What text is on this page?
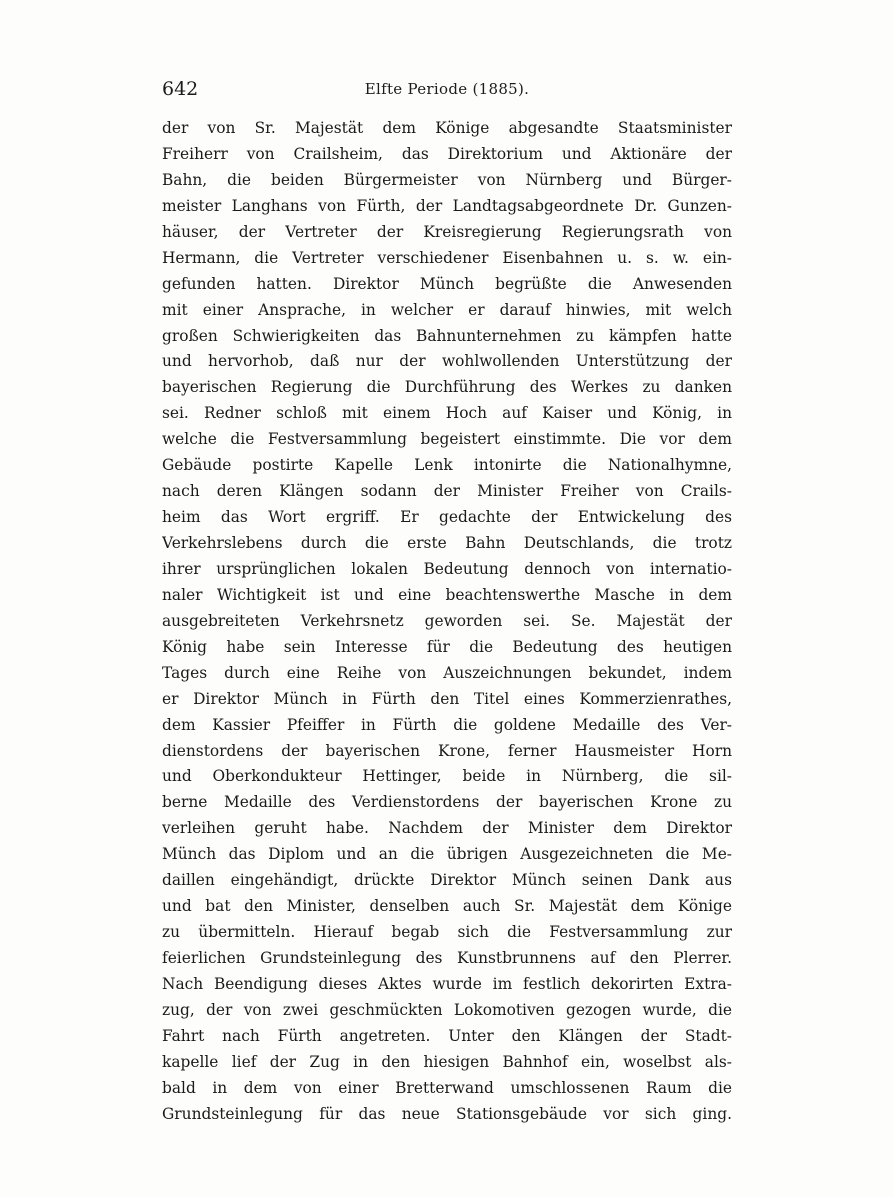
642	Elfte Periode (1885).
der von Sr. Majestät dem Könige abgesandte Staatsminister
Freiherr von Crailsheim, das Direktorium und Aktionäre der
Bahn, die beiden Bürgermeister von Nürnberg und Bürger-
meister Langhans von Fürth, der Landtagsabgeordnete Dr. Gunzen-
häuser, der Vertreter der Kreisregierung Regierungsrath von
Hermann, die Vertreter verschiedener Eisenbahnen u. s. w. ein-
gefunden hatten. Direktor Münch begrüßte die Anwesenden
mit einer Ansprache, in welcher er darauf hinwies, mit welch
großen Schwierigkeiten das Bahnunternehmen zu kämpfen hatte
und hervorhob, daß nur der wohlwollenden Unterstützung der
bayerischen Regierung die Durchführung des Werkes zu danken
sei. Redner schloß mit einem Hoch auf Kaiser und König, in
welche die Festversammlung begeistert einstimmte. Die vor dem
Gebäude postirte Kapelle Lenk intonirte die Nationalhymne,
nach deren Klängen sodann der Minister Freiher von Crails-
heim das Wort ergriff. Er gedachte der Entwickelung des
Verkehrslebens durch die erste Bahn Deutschlands, die trotz
ihrer ursprünglichen lokalen Bedeutung dennoch von internatio-
naler Wichtigkeit ist und eine beachtenswerthe Masche in dem
ausgebreiteten Verkehrsnetz geworden sei. Se. Majestät der
König habe sein Interesse für die Bedeutung des heutigen
Tages durch eine Reihe von Auszeichnungen bekundet, indem
er Direktor Münch in Fürth den Titel eines Kommerzienrathes,
dem Kassier Pfeiffer in Fürth die goldene Medaille des Ver-
dienstordens der bayerischen Krone, ferner Hausmeister Horn
und Oberkondukteur Hettinger, beide in Nürnberg, die sil-
berne Medaille des Verdienstordens der bayerischen Krone zu
verleihen geruht habe. Nachdem der Minister dem Direktor
Münch das Diplom und an die übrigen Ausgezeichneten die Me-
daillen eingehändigt, drückte Direktor Münch seinen Dank aus
und bat den Minister, denselben auch Sr. Majestät dem Könige
zu übermitteln. Hierauf begab sich die Festversammlung zur
feierlichen Grundsteinlegung des Kunstbrunnens auf den Plerrer.
Nach Beendigung dieses Aktes wurde im festlich dekorirten Extra-
zug, der von zwei geschmückten Lokomotiven gezogen wurde, die
Fahrt nach Fürth angetreten. Unter den Klängen der Stadt-
kapelle lief der Zug in den hiesigen Bahnhof ein, woselbst als-
bald in dem von einer Bretterwand umschlossenen Raum die
Grundsteinlegung für das neue Stationsgebäude vor sich ging.
